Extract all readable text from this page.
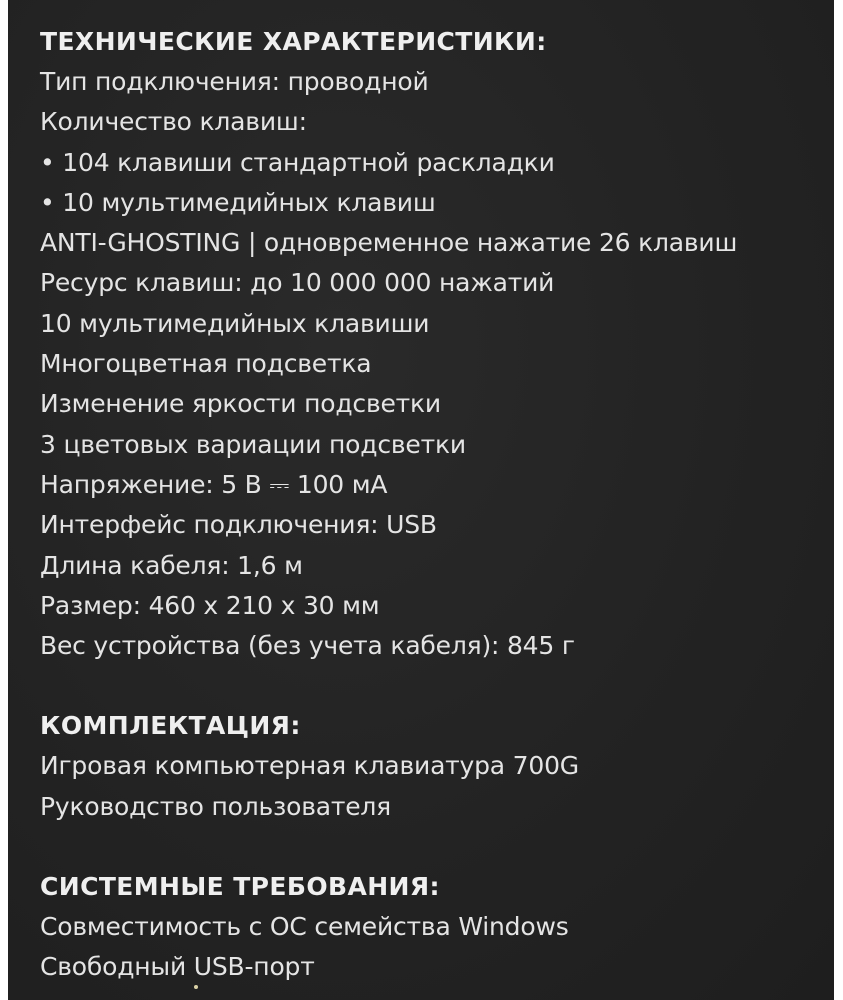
ТЕХНИЧЕСКИЕ ХАРАКТЕРИСТИКИ:
Тип подключения: проводной
Количество клавиш:
• 104 клавиши стандартной раскладки
• 10 мультимедийных клавиш
ANTI-GHOSTING | одновременное нажатие 26 клавиш
Ресурс клавиш: до 10 000 000 нажатий
10 мультимедийных клавиши
Многоцветная подсветка
Изменение яркости подсветки
3 цветовых вариации подсветки
Напряжение: 5 В ⎓ 100 мА
Интерфейс подключения: USB
Длина кабеля: 1,6 м
Размер: 460 x 210 x 30 мм
Вес устройства (без учета кабеля): 845 г
КОМПЛЕКТАЦИЯ:
Игровая компьютерная клавиатура 700G
Руководство пользователя
СИСТЕМНЫЕ ТРЕБОВАНИЯ:
Совместимость с ОС семейства Windows
Свободный USB-порт
